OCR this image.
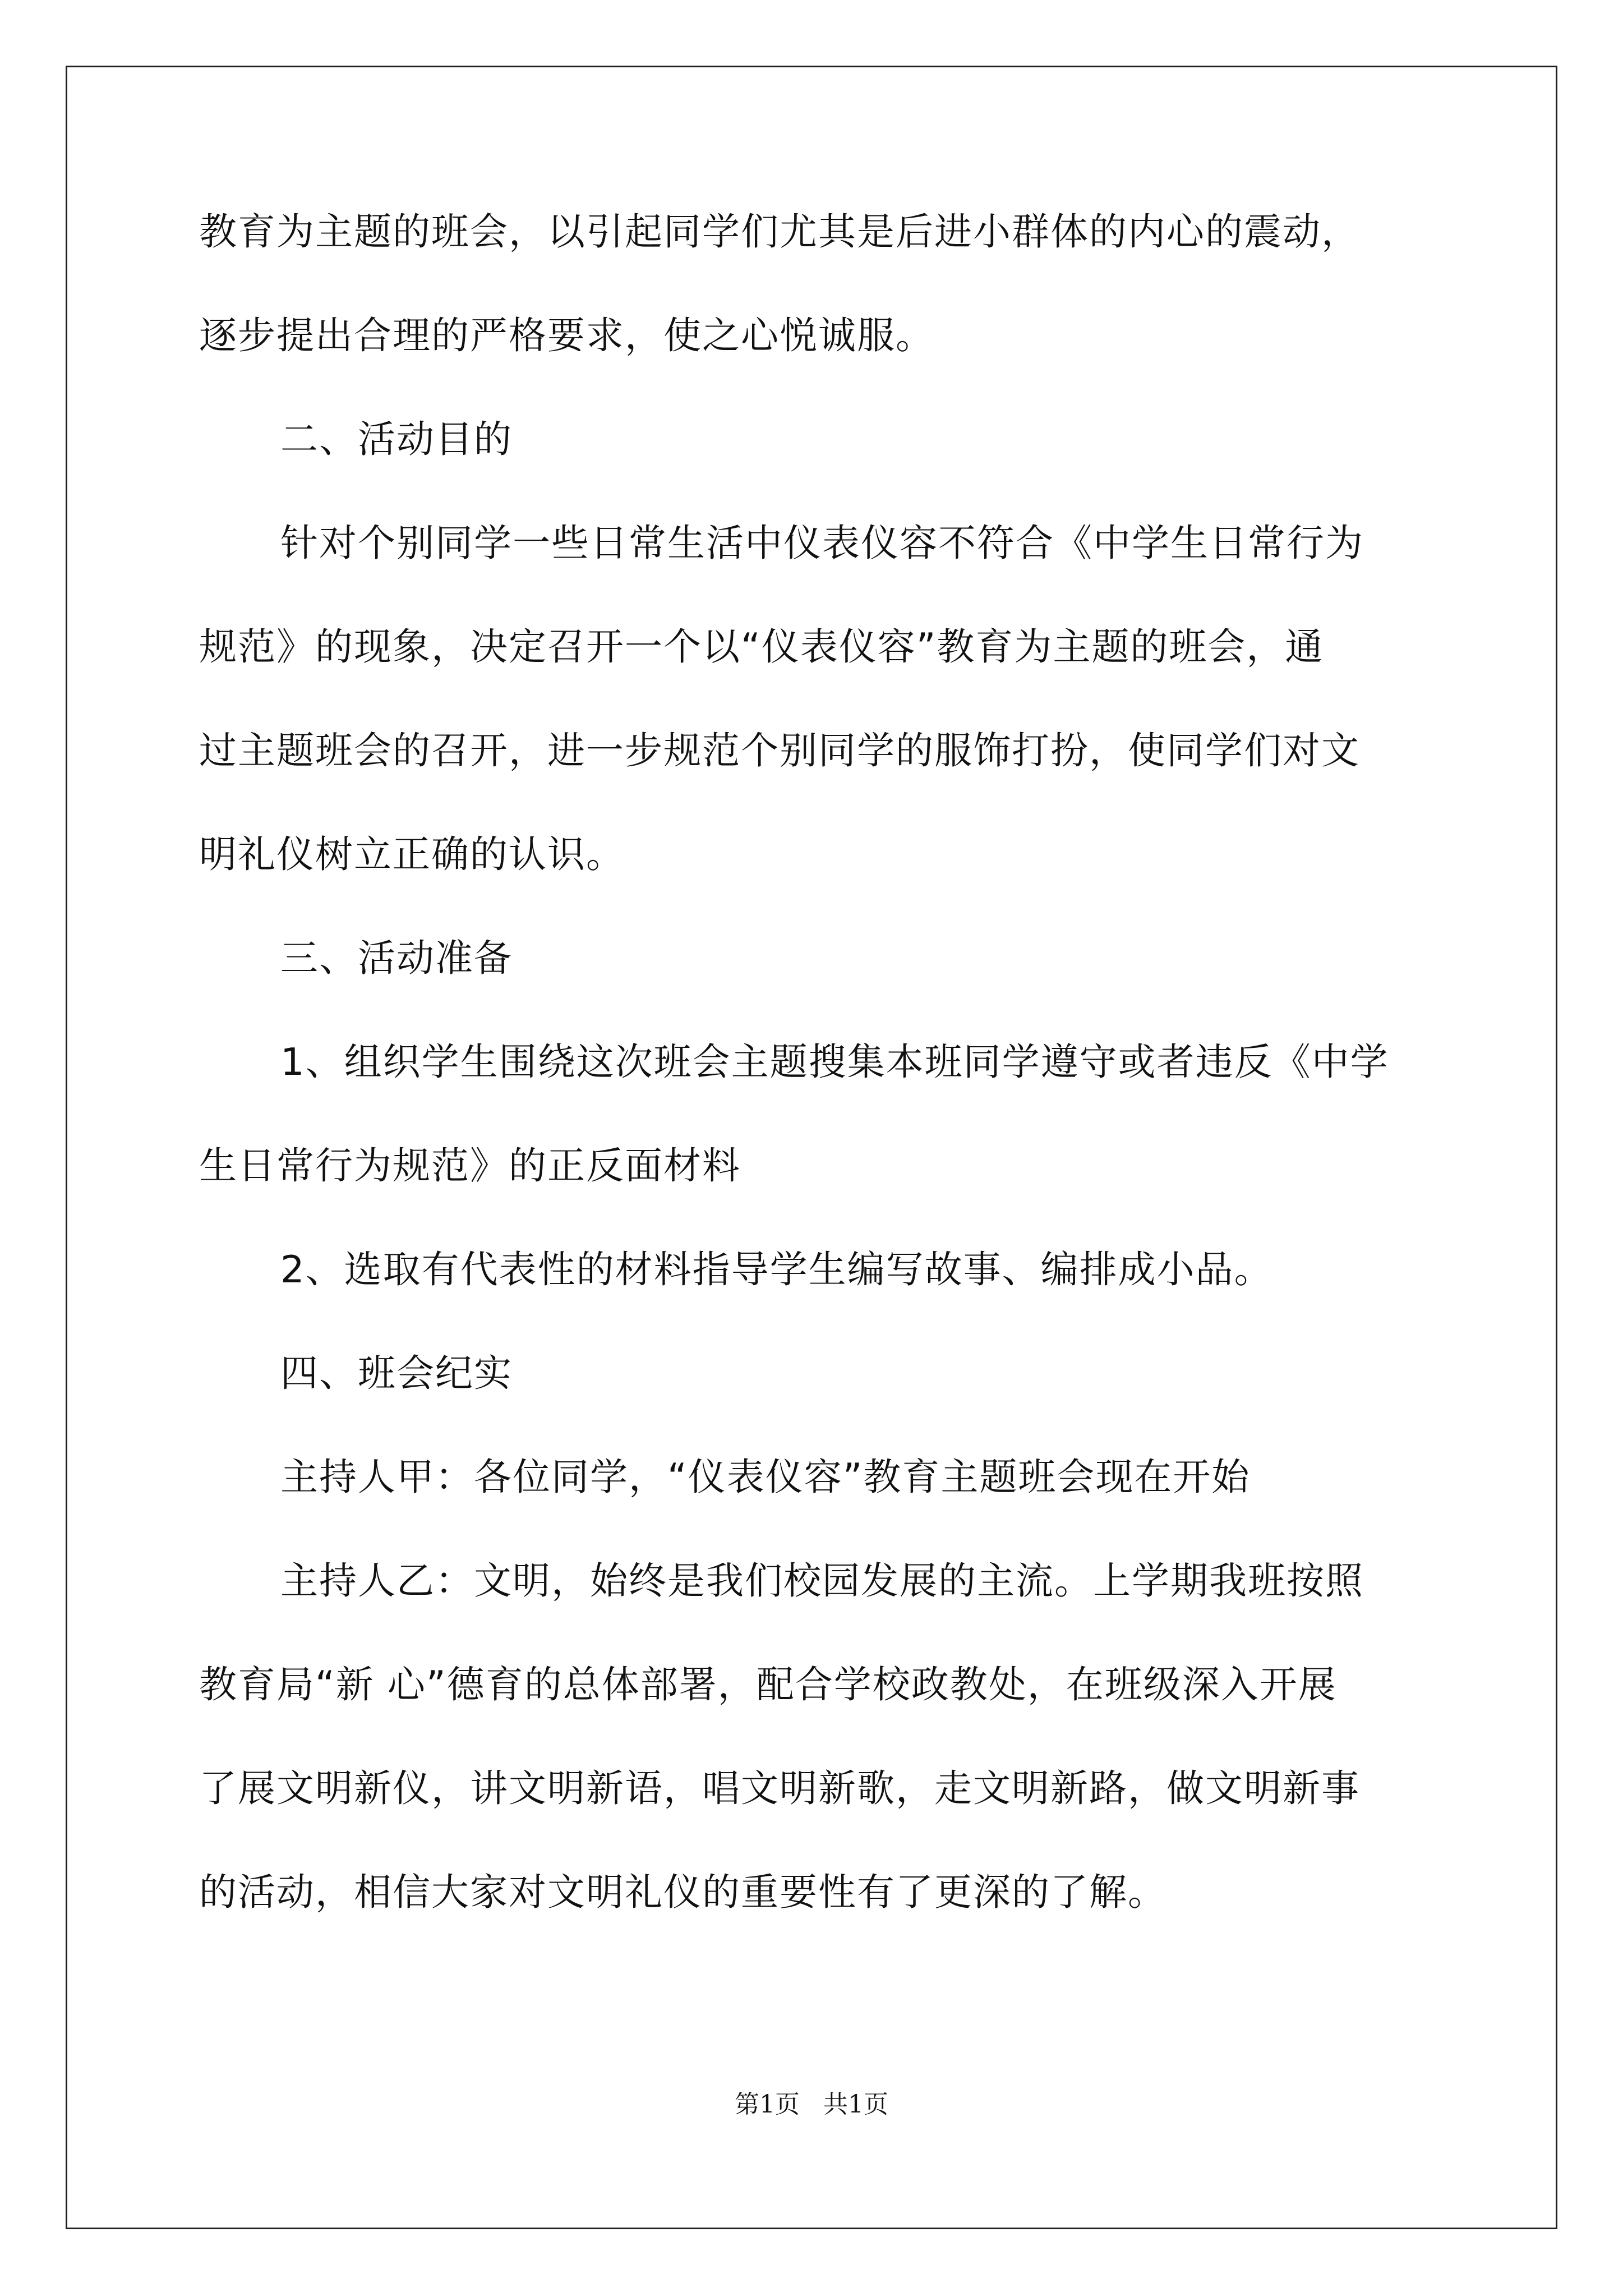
教育为主题的班会，以引起同学们尤其是后进小群体的内心的震动，
逐步提出合理的严格要求，使之心悦诚服。
二、活动目的
针对个别同学一些日常生活中仪表仪容不符合《中学生日常行为
规范》的现象，决定召开一个以“仪表仪容”教育为主题的班会，通
过主题班会的召开，进一步规范个别同学的服饰打扮，使同学们对文
明礼仪树立正确的认识。
三、活动准备
1、组织学生围绕这次班会主题搜集本班同学遵守或者违反《中学
生日常行为规范》的正反面材料
2、选取有代表性的材料指导学生编写故事、编排成小品。
四、班会纪实
主持人甲：各位同学，“仪表仪容”教育主题班会现在开始
主持人乙：文明，始终是我们校园发展的主流。上学期我班按照
教育局“新 心”德育的总体部署，配合学校政教处，在班级深入开展
了展文明新仪，讲文明新语，唱文明新歌，走文明新路，做文明新事
的活动，相信大家对文明礼仪的重要性有了更深的了解。
第1页   共1页
